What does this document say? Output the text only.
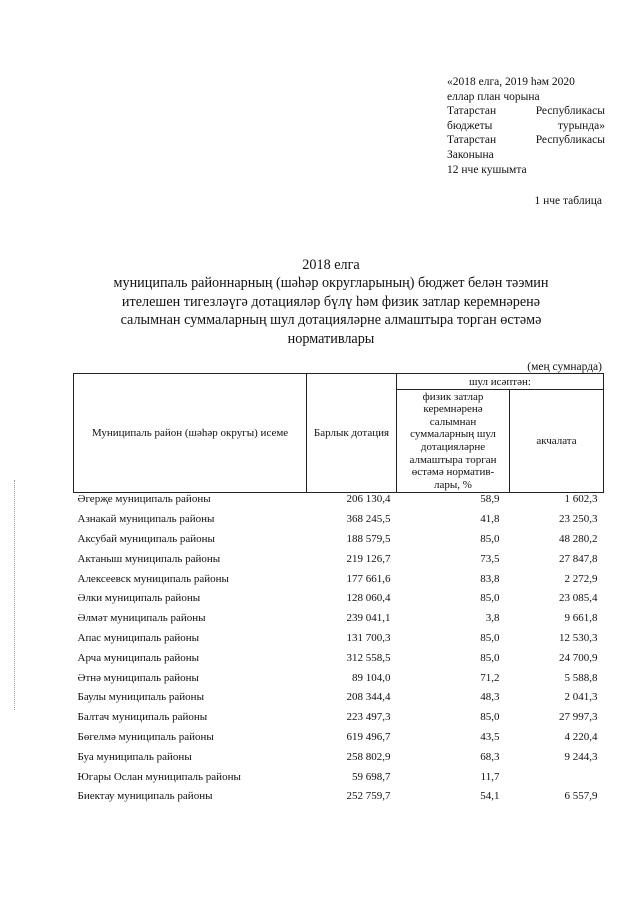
«2018 елга, 2019 һәм 2020
еллар план чорына
Татарстан	Республикасы
бюджеты	турында»
Татарстан	Республикасы
Законына
12 нче кушымта
1 нче таблица
2018 елга
муниципаль районнарның (шәһәр округларының) бюджет белән тәэмин
ителешен тигезләүгә дотацияләр бүлү һәм физик затлар керемнәренә
салымнан суммаларның шул дотацияләрне алмаштыра торган өстәмә
нормативлары
(мең сумнарда)
Муниципаль район (шәһәр округы) исеме	Барлык дотация	шул исәптән:	
		физик затлар керемнәренә салымнан суммаларның шул дотацияләрне алмаштыра торган өстәмә норматив-лары, %	акчалата
Әгерҗе муниципаль районы	206 130,4	58,9	1 602,3
Азнакай муниципаль районы	368 245,5	41,8	23 250,3
Аксубай муниципаль районы	188 579,5	85,0	48 280,2
Актаныш муниципаль районы	219 126,7	73,5	27 847,8
Алексеевск муниципаль районы	177 661,6	83,8	2 272,9
Әлки муниципаль районы	128 060,4	85,0	23 085,4
Әлмәт муниципаль районы	239 041,1	3,8	9 661,8
Апас муниципаль районы	131 700,3	85,0	12 530,3
Арча муниципаль районы	312 558,5	85,0	24 700,9
Әтнә муниципаль районы	89 104,0	71,2	5 588,8
Баулы муниципаль районы	208 344,4	48,3	2 041,3
Балтач муниципаль районы	223 497,3	85,0	27 997,3
Бөгелмә муниципаль районы	619 496,7	43,5	4 220,4
Буа муниципаль районы	258 802,9	68,3	9 244,3
Югары Ослан муниципаль районы	59 698,7	11,7	
Биектау муниципаль районы	252 759,7	54,1	6 557,9
